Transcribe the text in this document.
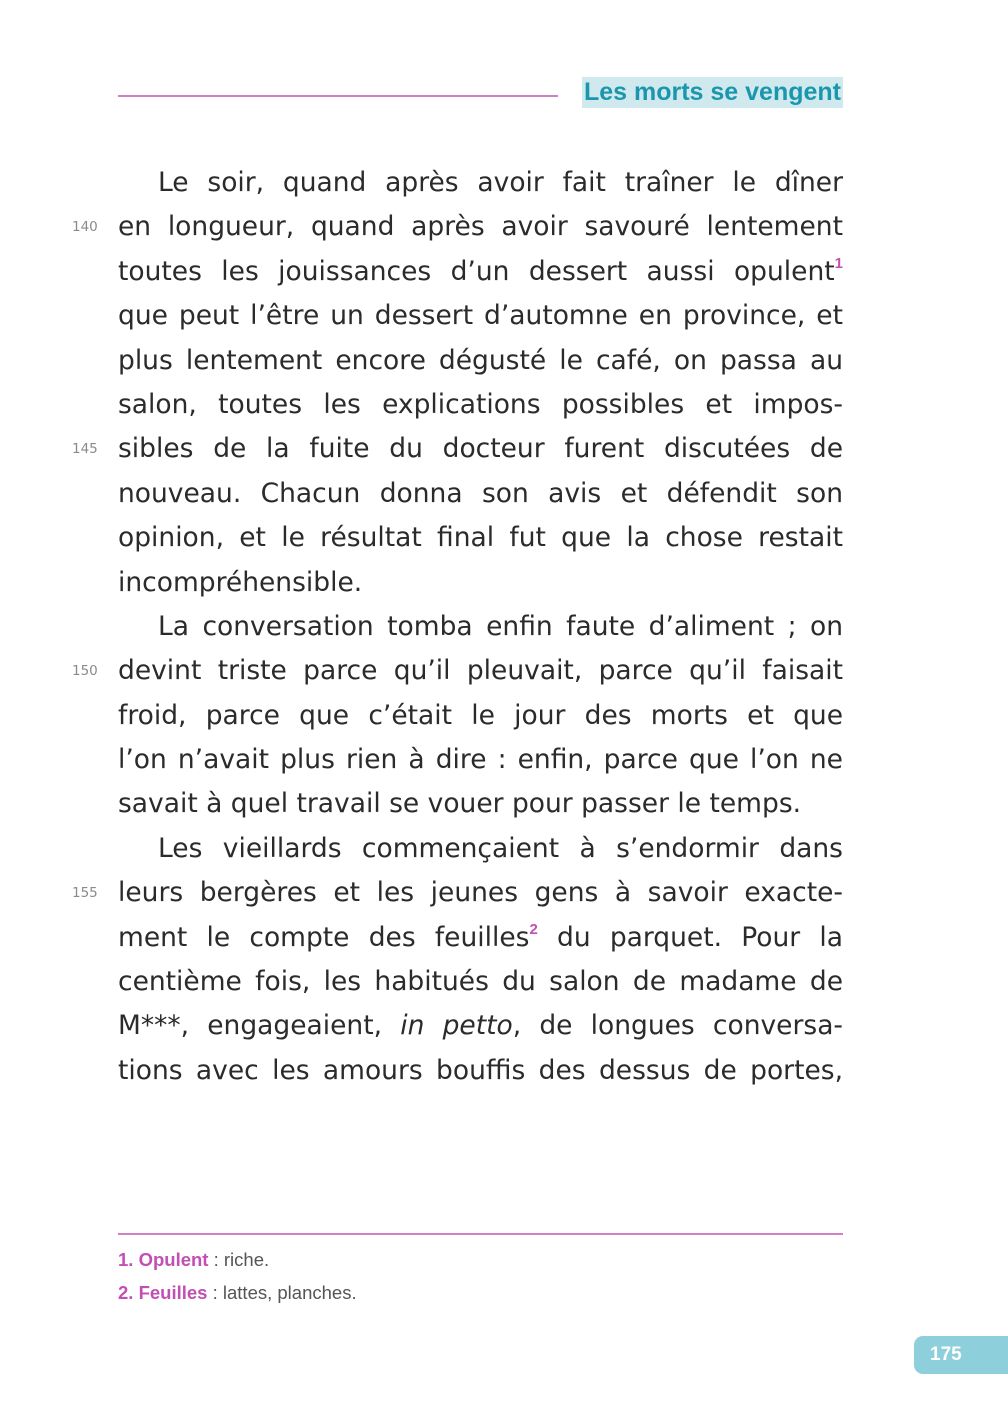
Les morts se vengent
Le soir, quand après avoir fait traîner le dîner
140 en longueur, quand après avoir savouré lentement
toutes les jouissances d’un dessert aussi opulent$^1$
que peut l’être un dessert d’automne en province, et
plus lentement encore dégusté le café, on passa au
salon, toutes les explications possibles et impos-
145 sibles de la fuite du docteur furent discutées de
nouveau. Chacun donna son avis et défendit son
opinion, et le résultat final fut que la chose restait
incompréhensible.
La conversation tomba enfin faute d’aliment ; on
150 devint triste parce qu’il pleuvait, parce qu’il faisait
froid, parce que c’était le jour des morts et que
l’on n’avait plus rien à dire : enfin, parce que l’on ne
savait à quel travail se vouer pour passer le temps.
Les vieillards commençaient à s’endormir dans
155 leurs bergères et les jeunes gens à savoir exacte-
ment le compte des feuilles$^2$ du parquet. Pour la
centième fois, les habitués du salon de madame de
M***, engageaient, in petto, de longues conversa-
tions avec les amours bouffis des dessus de portes,
1. Opulent : riche.
2. Feuilles : lattes, planches.
175
